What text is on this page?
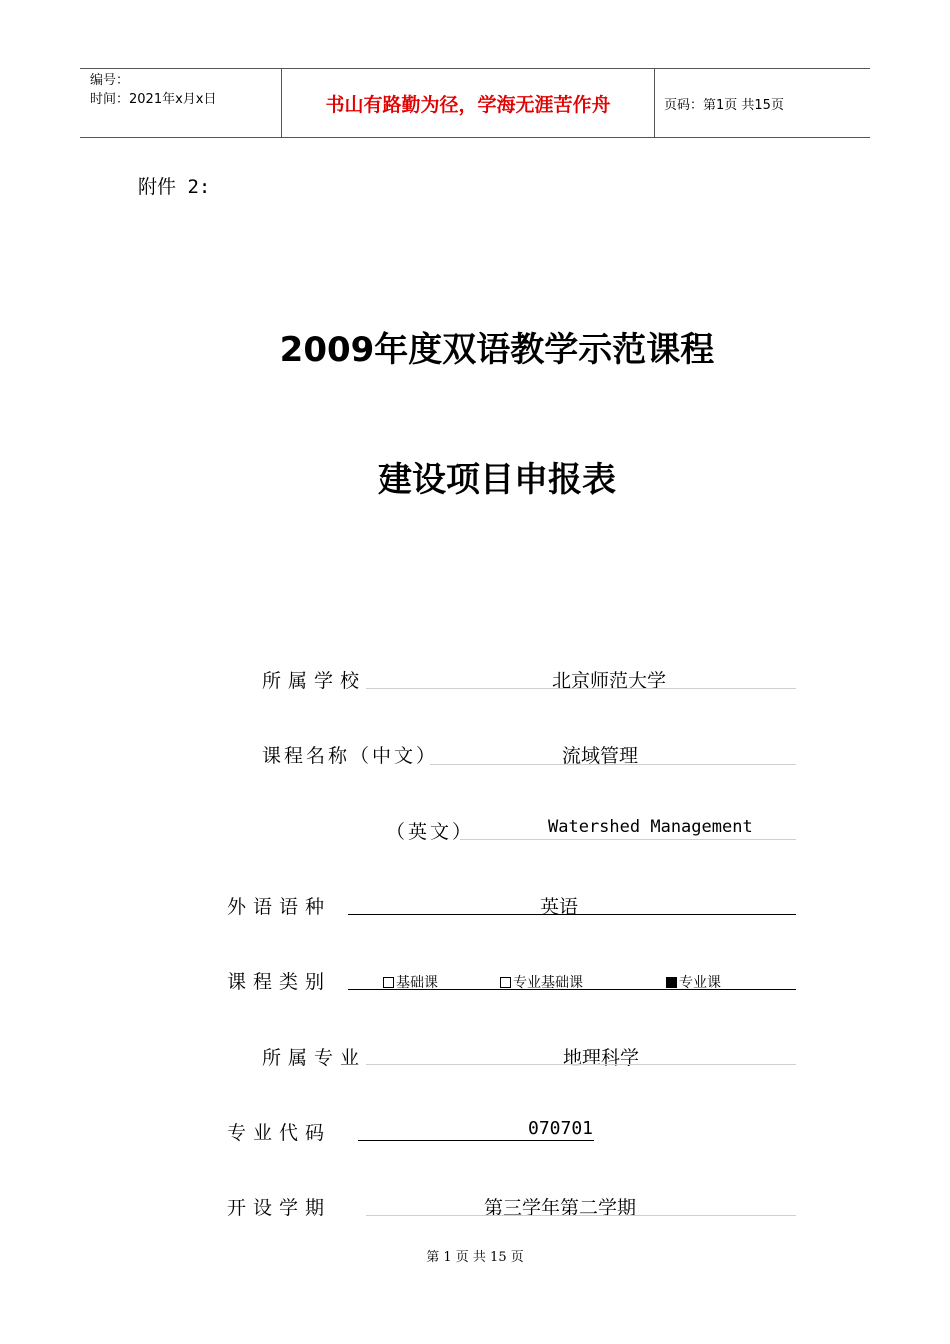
编号：
时间：2021年x月x日	书山有路勤为径，学海无涯苦作舟	页码：第1页 共15页
附件 2:
2009年度双语教学示范课程
建设项目申报表
所属学校	北京师范大学
课程名称（中文）	流域管理
（英文）	Watershed Management
外语语种	英语
课程类别	基础课	专业基础课	专业课
所属专业	地理科学
专业代码	070701
开设学期	第三学年第二学期
第 1 页 共 15 页
